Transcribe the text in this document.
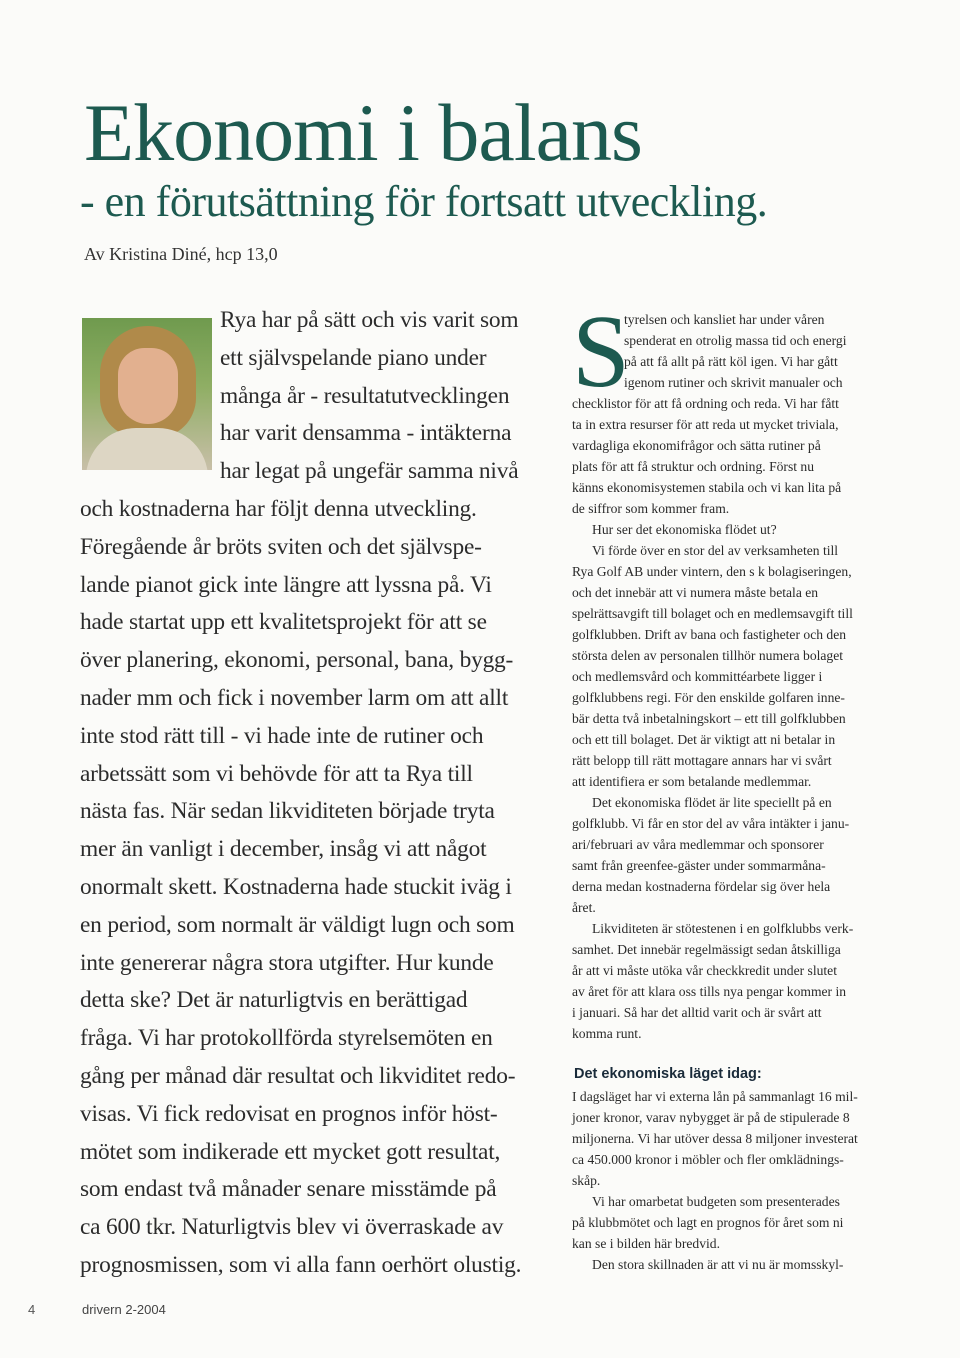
Ekonomi i balans
- en förutsättning för fortsatt utveckling.
Av Kristina Diné, hcp 13,0
Rya har på sätt och vis varit som
ett självspelande piano under
många år - resultatutvecklingen
har varit densamma - intäkterna
har legat på ungefär samma nivå
och kostnaderna har följt denna utveckling.
Föregående år bröts sviten och det självspe-
lande pianot gick inte längre att lyssna på. Vi
hade startat upp ett kvalitetsprojekt för att se
över planering, ekonomi, personal, bana, bygg-
nader mm och fick i november larm om att allt
inte stod rätt till - vi hade inte de rutiner och
arbetssätt som vi behövde för att ta Rya till
nästa fas. När sedan likviditeten började tryta
mer än vanligt i december, insåg vi att något
onormalt skett. Kostnaderna hade stuckit iväg i
en period, som normalt är väldigt lugn och som
inte genererar några stora utgifter. Hur kunde
detta ske? Det är naturligtvis en berättigad
fråga. Vi har protokollförda styrelsemöten en
gång per månad där resultat och likviditet redo-
visas. Vi fick redovisat en prognos inför höst-
mötet som indikerade ett mycket gott resultat,
som endast två månader senare misstämde på
ca 600 tkr. Naturligtvis blev vi överraskade av
prognosmissen, som vi alla fann oerhört olustig.
S
tyrelsen och kansliet har under våren
spenderat en otrolig massa tid och energi
på att få allt på rätt köl igen. Vi har gått
igenom rutiner och skrivit manualer och
checklistor för att få ordning och reda. Vi har fått
ta in extra resurser för att reda ut mycket triviala,
vardagliga ekonomifrågor och sätta rutiner på
plats för att få struktur och ordning. Först nu
känns ekonomisystemen stabila och vi kan lita på
de siffror som kommer fram.
Hur ser det ekonomiska flödet ut?
Vi förde över en stor del av verksamheten till
Rya Golf AB under vintern, den s k bolagiseringen,
och det innebär att vi numera måste betala en
spelrättsavgift till bolaget och en medlemsavgift till
golfklubben. Drift av bana och fastigheter och den
största delen av personalen tillhör numera bolaget
och medlemsvård och kommittéarbete ligger i
golfklubbens regi. För den enskilde golfaren inne-
bär detta två inbetalningskort – ett till golfklubben
och ett till bolaget. Det är viktigt att ni betalar in
rätt belopp till rätt mottagare annars har vi svårt
att identifiera er som betalande medlemmar.
Det ekonomiska flödet är lite speciellt på en
golfklubb. Vi får en stor del av våra intäkter i janu-
ari/februari av våra medlemmar och sponsorer
samt från greenfee-gäster under sommarmåna-
derna medan kostnaderna fördelar sig över hela
året.
Likviditeten är stötestenen i en golfklubbs verk-
samhet. Det innebär regelmässigt sedan åtskilliga
år att vi måste utöka vår checkkredit under slutet
av året för att klara oss tills nya pengar kommer in
i januari. Så har det alltid varit och är svårt att
komma runt.
Det ekonomiska läget idag:
I dagsläget har vi externa lån på sammanlagt 16 mil-
joner kronor, varav nybygget är på de stipulerade 8
miljonerna. Vi har utöver dessa 8 miljoner investerat
ca 450.000 kronor i möbler och fler omklädnings-
skåp.
Vi har omarbetat budgeten som presenterades
på klubbmötet och lagt en prognos för året som ni
kan se i bilden här bredvid.
Den stora skillnaden är att vi nu är momsskyl-
4	drivern 2-2004
